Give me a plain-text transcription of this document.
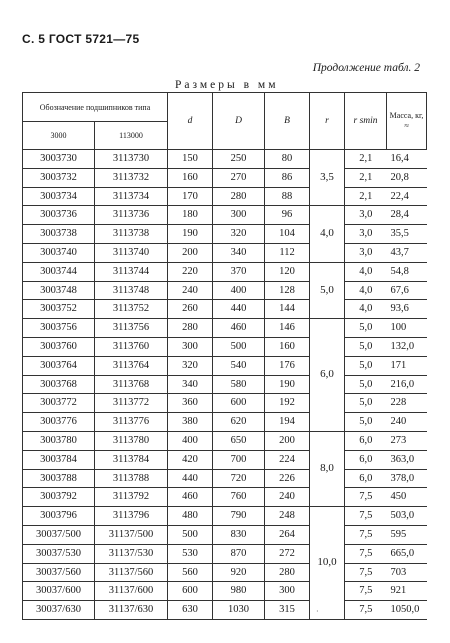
С. 5 ГОСТ 5721—75
Продолжение табл. 2
Размеры в мм
Обозначение подшипников типа		d	D	B	r	r smin	Масса, кг, ≈
3000	113000						
3003730	3113730	150	250	80	3,5	2,1	16,4
3003732	3113732	160	270	86		2,1	20,8
3003734	3113734	170	280	88		2,1	22,4
3003736	3113736	180	300	96	4,0	3,0	28,4
3003738	3113738	190	320	104		3,0	35,5
3003740	3113740	200	340	112		3,0	43,7
3003744	3113744	220	370	120	5,0	4,0	54,8
3003748	3113748	240	400	128		4,0	67,6
3003752	3113752	260	440	144		4,0	93,6
3003756	3113756	280	460	146	6,0	5,0	100
3003760	3113760	300	500	160		5,0	132,0
3003764	3113764	320	540	176		5,0	171
3003768	3113768	340	580	190		5,0	216,0
3003772	3113772	360	600	192		5,0	228
3003776	3113776	380	620	194		5,0	240
3003780	3113780	400	650	200	8,0	6,0	273
3003784	3113784	420	700	224		6,0	363,0
3003788	3113788	440	720	226		6,0	378,0
3003792	3113792	460	760	240		7,5	450
3003796	3113796	480	790	248	10,0	7,5	503,0
30037/500	31137/500	500	830	264		7,5	595
30037/530	31137/530	530	870	272		7,5	665,0
30037/560	31137/560	560	920	280		7,5	703
30037/600	31137/600	600	980	300		7,5	921
30037/630	31137/630	630	1030	315		7,5	1050,0
·
